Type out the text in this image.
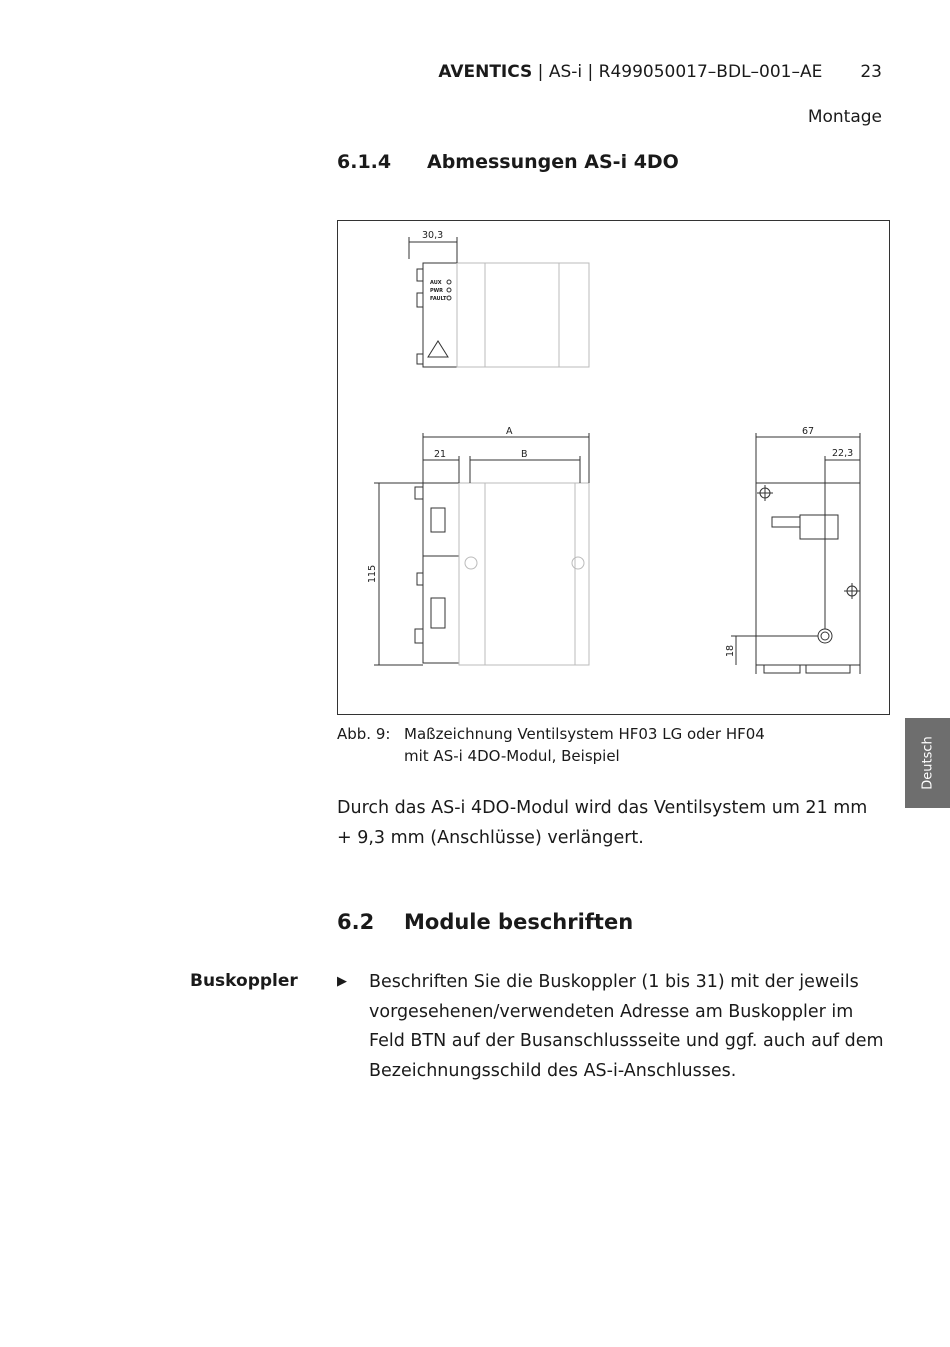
AVENTICS | AS-i | R499050017–BDL–001–AE 23
Montage
6.1.4 Abmessungen AS-i 4DO
30,3
A
21	B
115
67
22,3
18
AUX
PWR
FAULT
Abb. 9: Maßzeichnung Ventilsystem HF03 LG oder HF04
mit AS-i 4DO-Modul, Beispiel
Durch das AS-i 4DO-Modul wird das Ventilsystem um 21 mm + 9,3 mm (Anschlüsse) verlängert.
6.2 Module beschriften
Buskoppler	▶ Beschriften Sie die Buskoppler (1 bis 31) mit der jeweils vorgesehenen/verwendeten Adresse am Buskoppler im Feld BTN auf der Busanschlussseite und ggf. auch auf dem Bezeichnungsschild des AS-i-Anschlusses.
Deutsch
